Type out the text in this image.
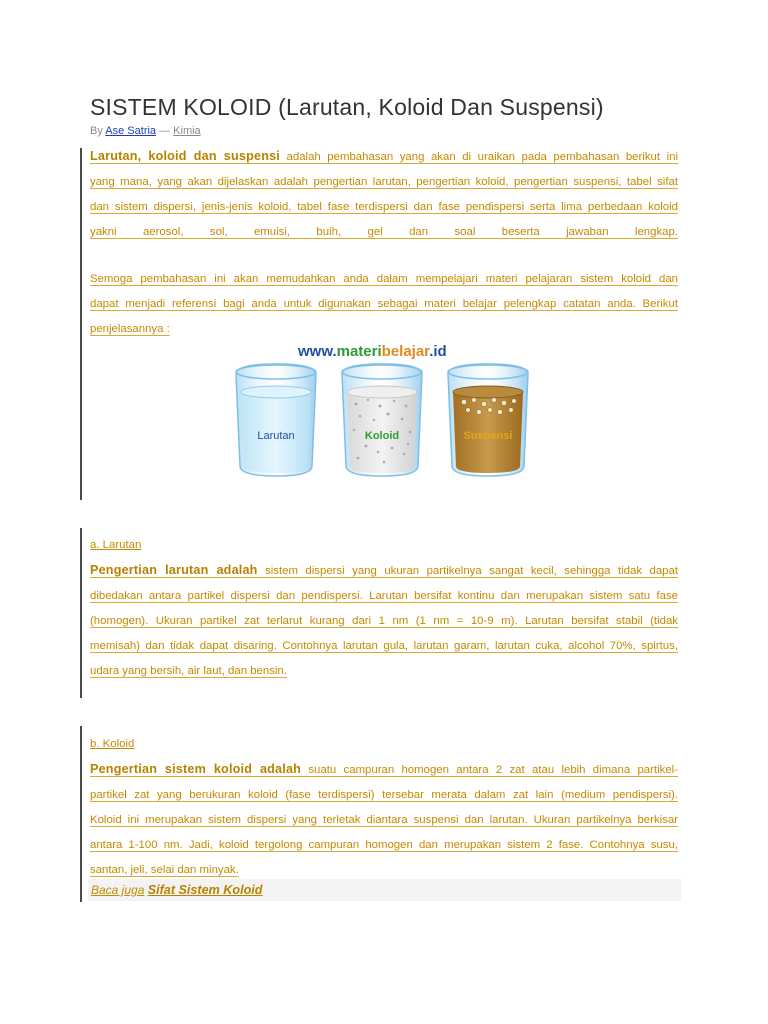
SISTEM KOLOID (Larutan, Koloid Dan Suspensi)
By Ase Satria — Kimia
Larutan, koloid dan suspensi adalah pembahasan yang akan di uraikan pada pembahasan berikut ini
yang mana, yang akan dijelaskan adalah pengertian larutan, pengertian koloid, pengertian suspensi, tabel sifat
dan sistem dispersi, jenis-jenis koloid, tabel fase terdispersi dan fase pendispersi serta lima perbedaan koloid
yakni aerosol, sol, emuisi, buih, gel dan soal beserta jawaban lengkap.
Semoga pembahasan ini akan memudahkan anda dalam mempelajari materi pelajaran sistem koloid dan
dapat menjadi referensi bagi anda untuk digunakan sebagai materi belajar pelengkap catatan anda. Berikut
penjelasannya :
www.materibelajar.id
Larutan	Koloid	Suspensi
a. Larutan
Pengertian larutan adalah sistem dispersi yang ukuran partikelnya sangat kecil, sehingga tidak dapat
dibedakan antara partikel dispersi dan pendispersi. Larutan bersifat kontinu dan merupakan sistem satu fase
(homogen). Ukuran partikel zat terlarut kurang dari 1 nm (1 nm = 10-9 m). Larutan bersifat stabil (tidak
memisah) dan tidak dapat disaring. Contohnya larutan gula, larutan garam, larutan cuka, alcohol 70%, spirtus,
udara yang bersih, air laut, dan bensin.
b. Koloid
Pengertian sistem koloid adalah suatu campuran homogen antara 2 zat atau lebih dimana partikel-
partikel zat yang berukuran koloid (fase terdispersi) tersebar merata dalam zat lain (medium pendispersi).
Koloid ini merupakan sistem dispersi yang terletak diantara suspensi dan larutan. Ukuran partikelnya berkisar
antara 1-100 nm. Jadi, koloid tergolong campuran homogen dan merupakan sistem 2 fase. Contohnya susu,
santan, jeli, selai dan minyak.
Baca juga Sifat Sistem Koloid
